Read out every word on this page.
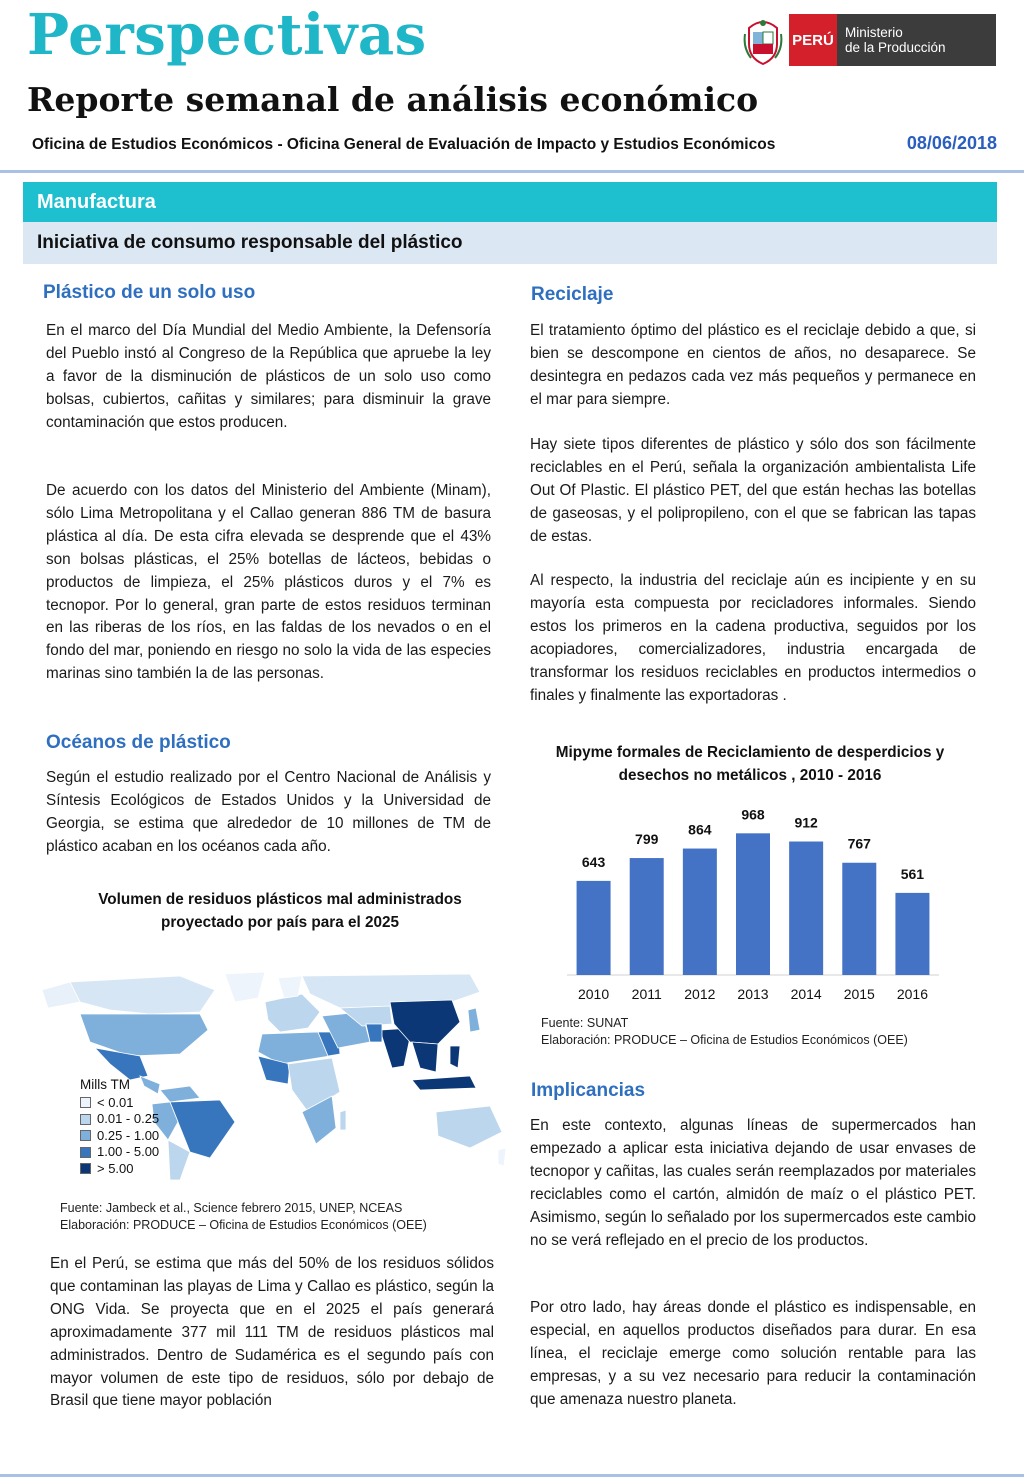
Perspectivas
Reporte semanal de análisis económico
Oficina de Estudios Económicos - Oficina General de Evaluación de Impacto y Estudios Económicos	08/06/2018
PERÚ Ministerio
de la Producción
Manufactura
Iniciativa de consumo responsable del plástico
Plástico de un solo uso
En el marco del Día Mundial del Medio Ambiente, la Defensoría del Pueblo instó al Congreso de la República que apruebe la ley a favor de la disminución de plásticos de un solo uso como bolsas, cubiertos, cañitas y similares; para disminuir la grave contaminación que estos producen.
De acuerdo con los datos del Ministerio del Ambiente (Minam), sólo Lima Metropolitana y el Callao generan 886 TM de basura plástica al día. De esta cifra elevada se desprende que el 43% son bolsas plásticas, el 25% botellas de lácteos, bebidas o productos de limpieza, el 25% plásticos duros y el 7% es tecnopor. Por lo general, gran parte de estos residuos terminan en las riberas de los ríos, en las faldas de los nevados o en el fondo del mar, poniendo en riesgo no solo la vida de las especies marinas sino también la de las personas.
Océanos de plástico
Según el estudio realizado por el Centro Nacional de Análisis y Síntesis Ecológicos de Estados Unidos y la Universidad de Georgia, se estima que alrededor de 10 millones de TM de plástico acaban en los océanos cada año.
Volumen de residuos plásticos mal administrados proyectado por país para el 2025
Mills TM
< 0.01
0.01 - 0.25
0.25 - 1.00
1.00 - 5.00
> 5.00
Fuente: Jambeck et al., Science febrero 2015, UNEP, NCEAS
Elaboración: PRODUCE – Oficina de Estudios Económicos (OEE)
En el Perú, se estima que más del 50% de los residuos sólidos que contaminan las playas de Lima y Callao es plástico, según la ONG Vida. Se proyecta que en el 2025 el país generará aproximadamente 377 mil 111 TM de residuos plásticos mal administrados. Dentro de Sudamérica es el segundo país con mayor volumen de este tipo de residuos, sólo por debajo de Brasil que tiene mayor población
Reciclaje
El tratamiento óptimo del plástico es el reciclaje debido a que, si bien se descompone en cientos de años, no desaparece. Se desintegra en pedazos cada vez más pequeños y permanece en el mar para siempre.
Hay siete tipos diferentes de plástico y sólo dos son fácilmente reciclables en el Perú, señala la organización ambientalista Life Out Of Plastic. El plástico PET, del que están hechas las botellas de gaseosas, y el polipropileno, con el que se fabrican las tapas de estas.
Al respecto, la industria del reciclaje aún es incipiente y en su mayoría esta compuesta por recicladores informales. Siendo estos los primeros en la cadena productiva, seguidos por los acopiadores, comercializadores, industria encargada de transformar los residuos reciclables en productos intermedios o finales y finalmente las exportadoras .
Mipyme formales de Reciclamiento de desperdicios y desechos no metálicos , 2010 - 2016
643
2010
799
2011
864
2012
968
2013
912
2014
767
2015
561
2016
Fuente: SUNAT
Elaboración: PRODUCE – Oficina de Estudios Económicos (OEE)
Implicancias
En este contexto, algunas líneas de supermercados han empezado a aplicar esta iniciativa dejando de usar envases de tecnopor y cañitas, las cuales serán reemplazados por materiales reciclables como el cartón, almidón de maíz o el plástico PET. Asimismo, según lo señalado por los supermercados este cambio no se verá reflejado en el precio de los productos.
Por otro lado, hay áreas donde el plástico es indispensable, en especial, en aquellos productos diseñados para durar. En esa línea, el reciclaje emerge como solución rentable para las empresas, y a su vez necesario para reducir la contaminación que amenaza nuestro planeta.
